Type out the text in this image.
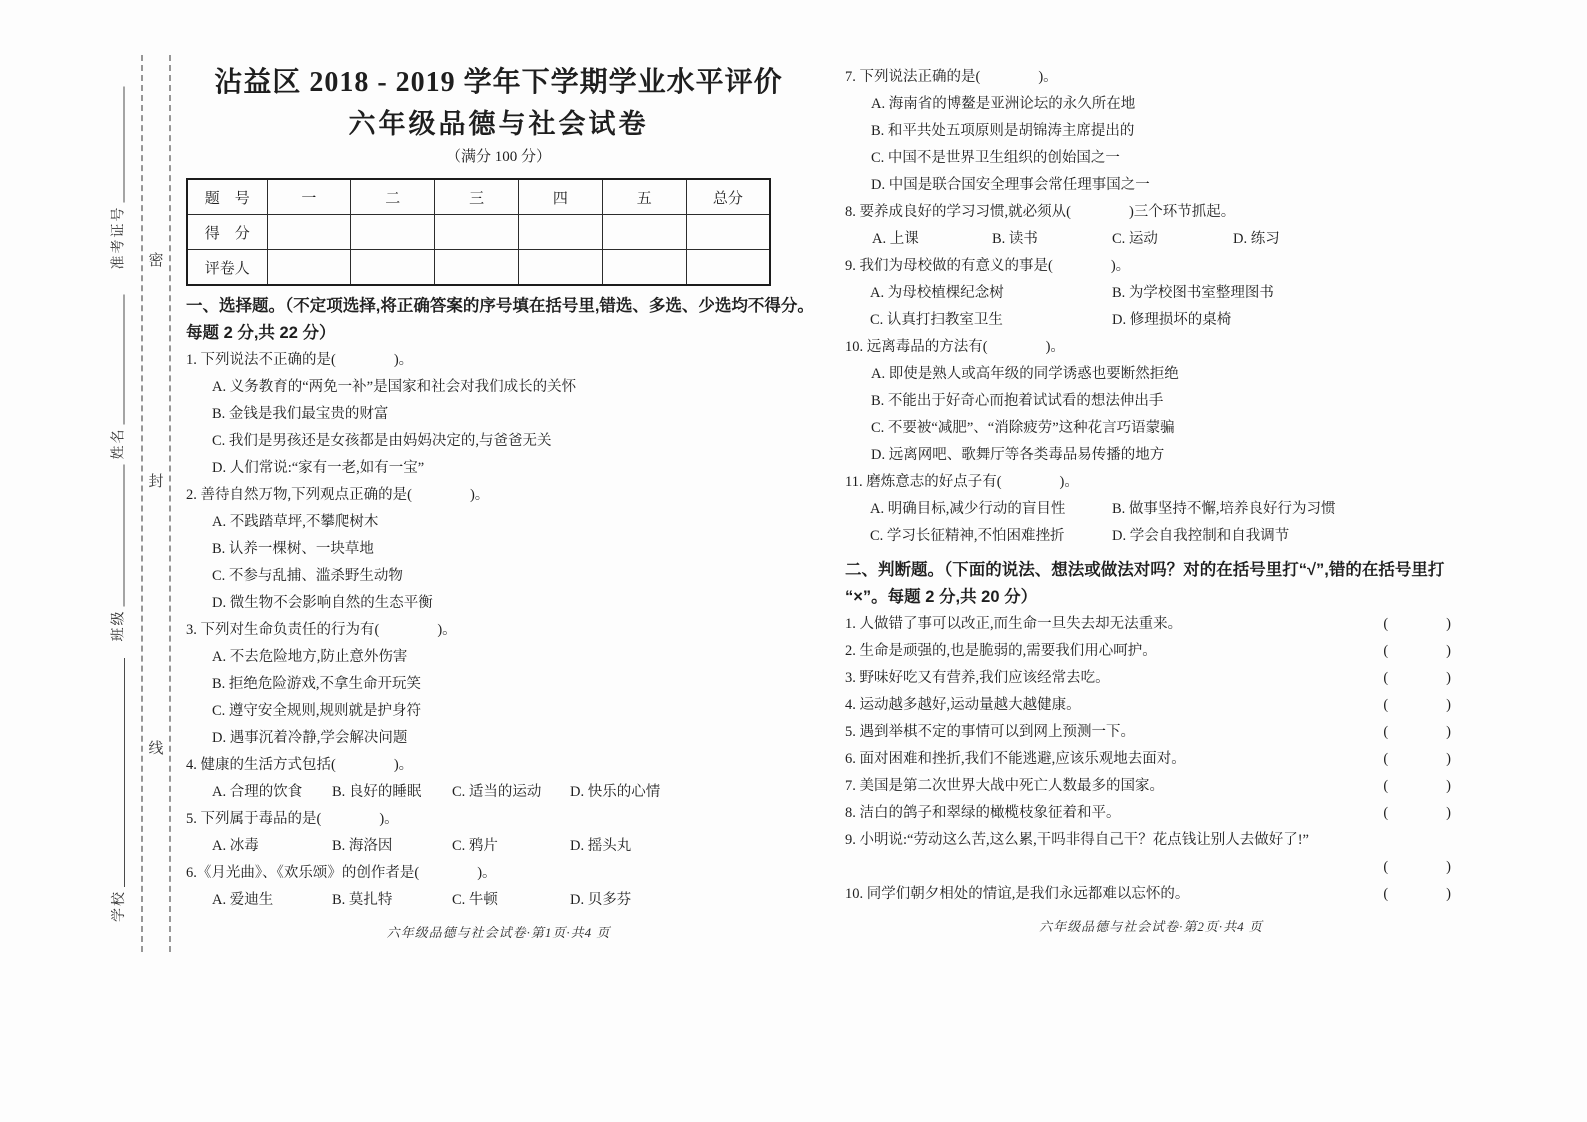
密
封
线
准考证号
姓名
班级
学校
沾益区 2018 - 2019 学年下学期学业水平评价
六年级品德与社会试卷
（满分 100 分）
题　号	一	二	三	四	五	总分
得　分						
评卷人						
一、选择题。（不定项选择,将正确答案的序号填在括号里,错选、多选、少选均不得分。
每题 2 分,共 22 分）
1. 下列说法不正确的是(　　　　)。
A. 义务教育的“两免一补”是国家和社会对我们成长的关怀
B. 金钱是我们最宝贵的财富
C. 我们是男孩还是女孩都是由妈妈决定的,与爸爸无关
D. 人们常说:“家有一老,如有一宝”
2. 善待自然万物,下列观点正确的是(　　　　)。
A. 不践踏草坪,不攀爬树木
B. 认养一棵树、一块草地
C. 不参与乱捕、滥杀野生动物
D. 微生物不会影响自然的生态平衡
3. 下列对生命负责任的行为有(　　　　)。
A. 不去危险地方,防止意外伤害
B. 拒绝危险游戏,不拿生命开玩笑
C. 遵守安全规则,规则就是护身符
D. 遇事沉着冷静,学会解决问题
4. 健康的生活方式包括(　　　　)。
A. 合理的饮食	B. 良好的睡眠	C. 适当的运动	D. 快乐的心情
5. 下列属于毒品的是(　　　　)。
A. 冰毒	B. 海洛因	C. 鸦片	D. 摇头丸
6.《月光曲》、《欢乐颂》的创作者是(　　　　)。
A. 爱迪生	B. 莫扎特	C. 牛顿	D. 贝多芬
六年级品德与社会试卷·第1页·共4 页
7. 下列说法正确的是(　　　　)。
A. 海南省的博鳌是亚洲论坛的永久所在地
B. 和平共处五项原则是胡锦涛主席提出的
C. 中国不是世界卫生组织的创始国之一
D. 中国是联合国安全理事会常任理事国之一
8. 要养成良好的学习习惯,就必须从(　　　　)三个环节抓起。
A. 上课	B. 读书	C. 运动	D. 练习
9. 我们为母校做的有意义的事是(　　　　)。
A. 为母校植棵纪念树	B. 为学校图书室整理图书
C. 认真打扫教室卫生	D. 修理损坏的桌椅
10. 远离毒品的方法有(　　　　)。
A. 即使是熟人或高年级的同学诱惑也要断然拒绝
B. 不能出于好奇心而抱着试试看的想法伸出手
C. 不要被“减肥”、“消除疲劳”这种花言巧语蒙骗
D. 远离网吧、歌舞厅等各类毒品易传播的地方
11. 磨炼意志的好点子有(　　　　)。
A. 明确目标,减少行动的盲目性	B. 做事坚持不懈,培养良好行为习惯
C. 学习长征精神,不怕困难挫折	D. 学会自我控制和自我调节
二、判断题。（下面的说法、想法或做法对吗？对的在括号里打“√”,错的在括号里打
“×”。每题 2 分,共 20 分）
1. 人做错了事可以改正,而生命一旦失去却无法重来。	(　　　　)
2. 生命是顽强的,也是脆弱的,需要我们用心呵护。	(　　　　)
3. 野味好吃又有营养,我们应该经常去吃。	(　　　　)
4. 运动越多越好,运动量越大越健康。	(　　　　)
5. 遇到举棋不定的事情可以到网上预测一下。	(　　　　)
6. 面对困难和挫折,我们不能逃避,应该乐观地去面对。	(　　　　)
7. 美国是第二次世界大战中死亡人数最多的国家。	(　　　　)
8. 洁白的鸽子和翠绿的橄榄枝象征着和平。	(　　　　)
9. 小明说:“劳动这么苦,这么累,干吗非得自己干？花点钱让别人去做好了!”
(　　　　)
10. 同学们朝夕相处的情谊,是我们永远都难以忘怀的。	(　　　　)
六年级品德与社会试卷·第2页·共4 页
